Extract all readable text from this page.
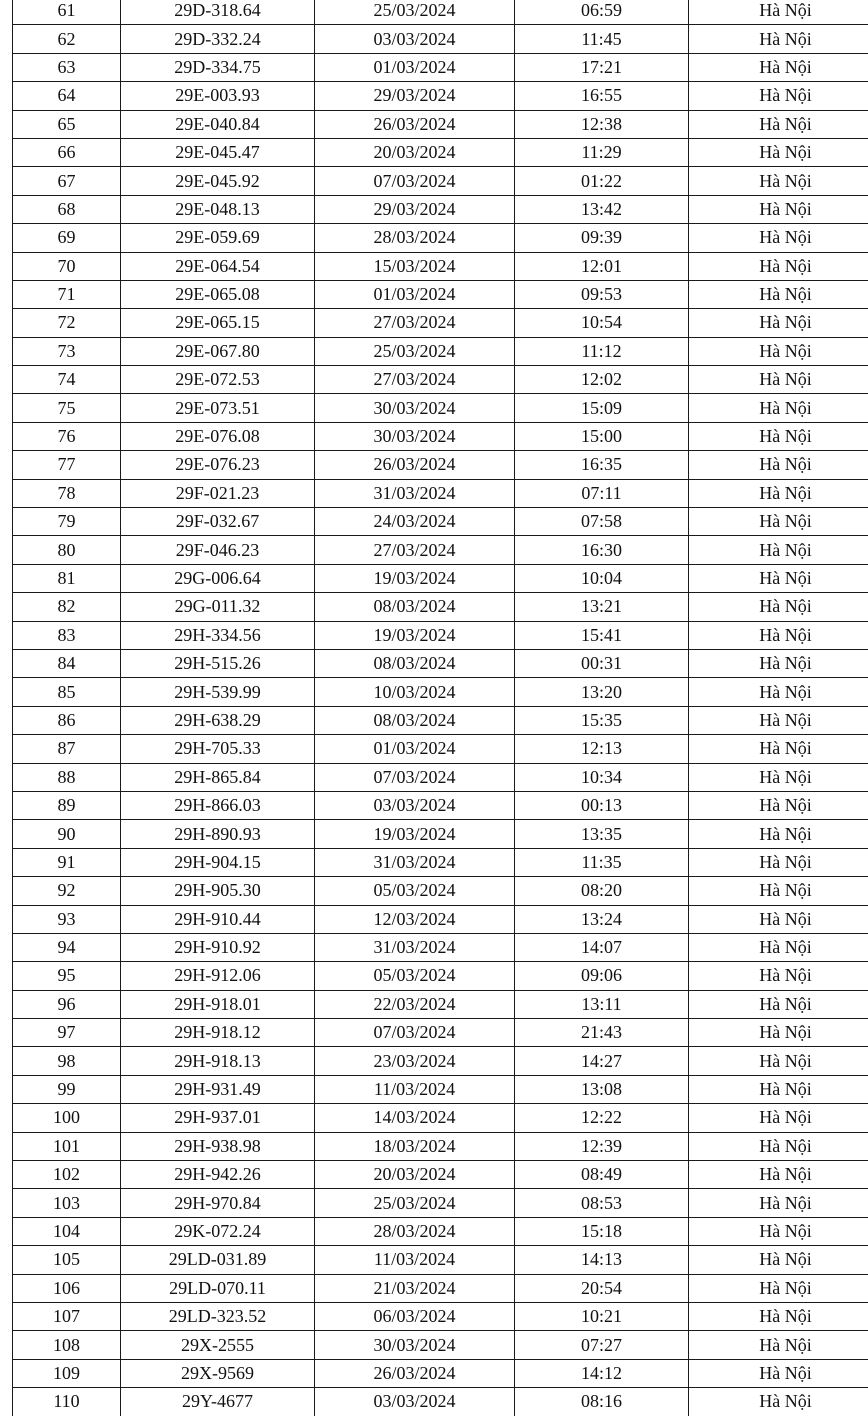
61	29D-318.64	25/03/2024	06:59	Hà Nội
62	29D-332.24	03/03/2024	11:45	Hà Nội
63	29D-334.75	01/03/2024	17:21	Hà Nội
64	29E-003.93	29/03/2024	16:55	Hà Nội
65	29E-040.84	26/03/2024	12:38	Hà Nội
66	29E-045.47	20/03/2024	11:29	Hà Nội
67	29E-045.92	07/03/2024	01:22	Hà Nội
68	29E-048.13	29/03/2024	13:42	Hà Nội
69	29E-059.69	28/03/2024	09:39	Hà Nội
70	29E-064.54	15/03/2024	12:01	Hà Nội
71	29E-065.08	01/03/2024	09:53	Hà Nội
72	29E-065.15	27/03/2024	10:54	Hà Nội
73	29E-067.80	25/03/2024	11:12	Hà Nội
74	29E-072.53	27/03/2024	12:02	Hà Nội
75	29E-073.51	30/03/2024	15:09	Hà Nội
76	29E-076.08	30/03/2024	15:00	Hà Nội
77	29E-076.23	26/03/2024	16:35	Hà Nội
78	29F-021.23	31/03/2024	07:11	Hà Nội
79	29F-032.67	24/03/2024	07:58	Hà Nội
80	29F-046.23	27/03/2024	16:30	Hà Nội
81	29G-006.64	19/03/2024	10:04	Hà Nội
82	29G-011.32	08/03/2024	13:21	Hà Nội
83	29H-334.56	19/03/2024	15:41	Hà Nội
84	29H-515.26	08/03/2024	00:31	Hà Nội
85	29H-539.99	10/03/2024	13:20	Hà Nội
86	29H-638.29	08/03/2024	15:35	Hà Nội
87	29H-705.33	01/03/2024	12:13	Hà Nội
88	29H-865.84	07/03/2024	10:34	Hà Nội
89	29H-866.03	03/03/2024	00:13	Hà Nội
90	29H-890.93	19/03/2024	13:35	Hà Nội
91	29H-904.15	31/03/2024	11:35	Hà Nội
92	29H-905.30	05/03/2024	08:20	Hà Nội
93	29H-910.44	12/03/2024	13:24	Hà Nội
94	29H-910.92	31/03/2024	14:07	Hà Nội
95	29H-912.06	05/03/2024	09:06	Hà Nội
96	29H-918.01	22/03/2024	13:11	Hà Nội
97	29H-918.12	07/03/2024	21:43	Hà Nội
98	29H-918.13	23/03/2024	14:27	Hà Nội
99	29H-931.49	11/03/2024	13:08	Hà Nội
100	29H-937.01	14/03/2024	12:22	Hà Nội
101	29H-938.98	18/03/2024	12:39	Hà Nội
102	29H-942.26	20/03/2024	08:49	Hà Nội
103	29H-970.84	25/03/2024	08:53	Hà Nội
104	29K-072.24	28/03/2024	15:18	Hà Nội
105	29LD-031.89	11/03/2024	14:13	Hà Nội
106	29LD-070.11	21/03/2024	20:54	Hà Nội
107	29LD-323.52	06/03/2024	10:21	Hà Nội
108	29X-2555	30/03/2024	07:27	Hà Nội
109	29X-9569	26/03/2024	14:12	Hà Nội
110	29Y-4677	03/03/2024	08:16	Hà Nội
